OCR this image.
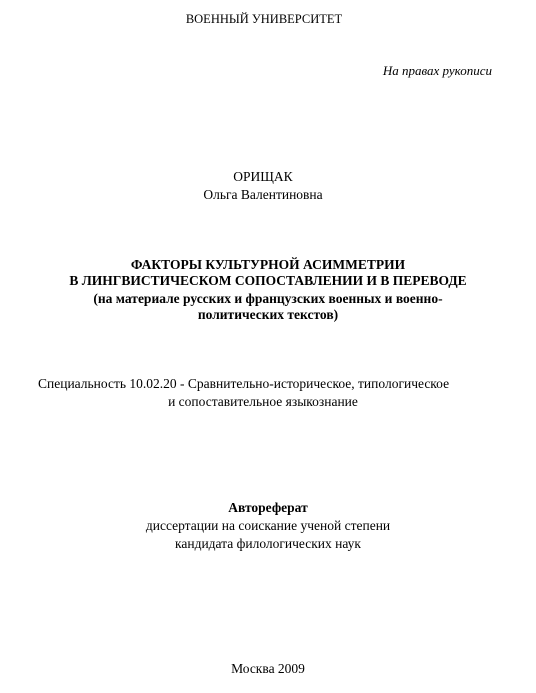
ВОЕННЫЙ УНИВЕРСИТЕТ
На правах рукописи
ОРИЩАК
Ольга Валентиновна
ФАКТОРЫ КУЛЬТУРНОЙ АСИММЕТРИИ
В ЛИНГВИСТИЧЕСКОМ СОПОСТАВЛЕНИИ И В ПЕРЕВОДЕ
(на материале русских и французских военных и военно-
политических текстов)
Специальность 10.02.20 - Сравнительно-историческое, типологическое
и сопоставительное языкознание
Автореферат
диссертации на соискание ученой степени
кандидата филологических наук
Москва 2009
